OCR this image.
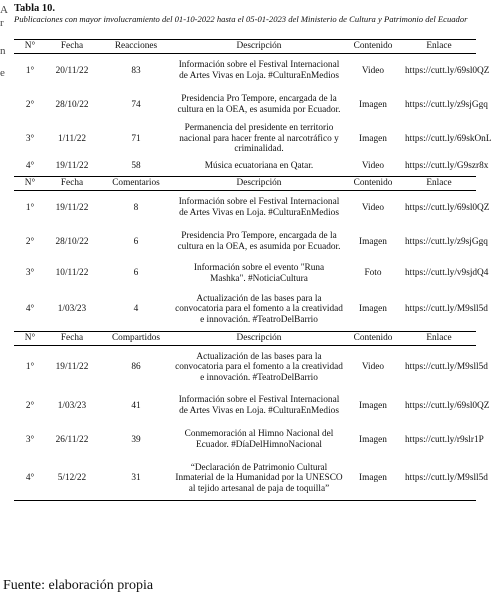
A
r
n
e
Tabla 10.
Publicaciones con mayor involucramiento del 01-10-2022 hasta el 05-01-2023 del Ministerio de Cultura y Patrimonio del Ecuador
N°	Fecha	Reacciones	Descripción	Contenido	Enlace
1°	20/11/22	83	Información sobre el Festival Internacional de Artes Vivas en Loja. #CulturaEnMedios	Video	https://cutt.ly/69sl0QZ
2°	28/10/22	74	Presidencia Pro Tempore, encargada de la cultura en la OEA, es asumida por Ecuador.	Imagen	https://cutt.ly/z9sjGgq
3°	1/11/22	71	Permanencia del presidente en territorio nacional para hacer frente al narcotráfico y criminalidad.	Imagen	https://cutt.ly/69skOnL
4°	19/11/22	58	Música ecuatoriana en Qatar.	Video	https://cutt.ly/G9szr8x
N°	Fecha	Comentarios	Descripción	Contenido	Enlace
1°	19/11/22	8	Información sobre el Festival Internacional de Artes Vivas en Loja. #CulturaEnMedios	Video	https://cutt.ly/69sl0QZ
2°	28/10/22	6	Presidencia Pro Tempore, encargada de la cultura en la OEA, es asumida por Ecuador.	Imagen	https://cutt.ly/z9sjGgq
3°	10/11/22	6	Información sobre el evento "Runa Mashka". #NoticiaCultura	Foto	https://cutt.ly/v9sjdQ4
4°	1/03/23	4	Actualización de las bases para la convocatoria para el fomento a la creatividad e innovación. #TeatroDelBarrio	Imagen	https://cutt.ly/M9sll5d
N°	Fecha	Compartidos	Descripción	Contenido	Enlace
1°	19/11/22	86	Actualización de las bases para la convocatoria para el fomento a la creatividad e innovación. #TeatroDelBarrio	Video	https://cutt.ly/M9sll5d
2°	1/03/23	41	Información sobre el Festival Internacional de Artes Vivas en Loja. #CulturaEnMedios	Imagen	https://cutt.ly/69sl0QZ
3°	26/11/22	39	Conmemoración al Himno Nacional del Ecuador. #DíaDelHimnoNacional	Imagen	https://cutt.ly/r9slr1P
4°	5/12/22	31	“Declaración de Patrimonio Cultural Inmaterial de la Humanidad por la UNESCO al tejido artesanal de paja de toquilla”	Imagen	https://cutt.ly/M9sll5d
Fuente: elaboración propia
